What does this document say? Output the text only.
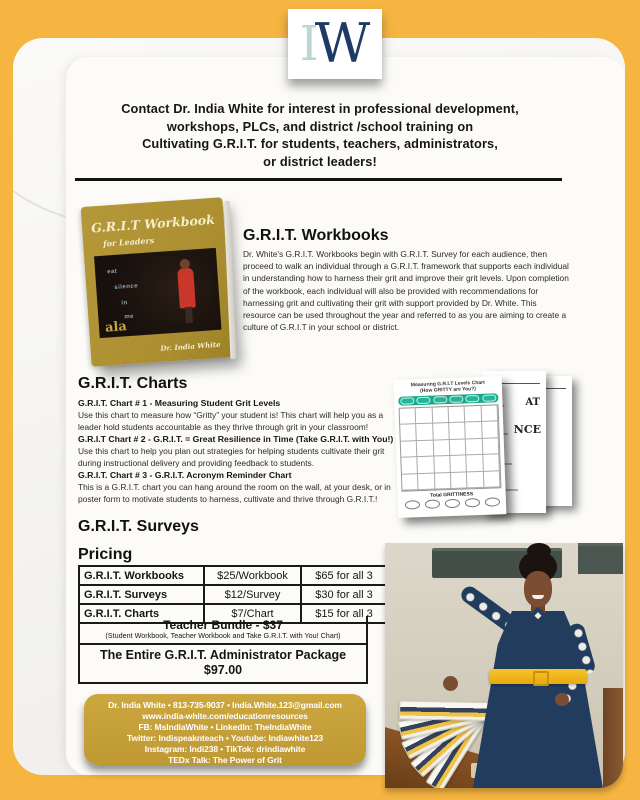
I
W
Contact Dr. India White for interest in professional development,
workshops, PLCs, and district /school training on
Cultivating G.R.I.T. for students, teachers, administrators,
or district leaders!
G.R.I.T Workbook
for Leaders
eat
silence
in
me
ala
Dr. India White
G.R.I.T. Workbooks
Dr. White's G.R.I.T. Workbooks begin with G.R.I.T. Survey for each audience, then proceed to walk an individual through a G.R.I.T. framework that supports each individual in understanding how to harness their grit and improve their grit levels. Upon completion of the workbook, each individual will also be provided with recommendations for harnessing grit and cultivating their grit with support provided by Dr. White. This resource can be used throughout the year and referred to as you are aiming to create a culture of G.R.I.T in your school or district.
G.R.I.T. Charts
G.R.I.T. Chart # 1 - Measuring Student Grit Levels

Use this chart to measure how “Gritty” your student is! This chart will help you as a leader hold students accountable as they thrive through grit in your classroom!

G.R.I.T Chart # 2 - G.R.I.T. = Great Resilience in Time (Take G.R.I.T. with You!)

Use this chart to help you plan out strategies for helping students cultivate their grit during instructional delivery and providing feedback to students.

G.R.I.T. Chart # 3 - G.R.I.T. Acronym Reminder Chart

This is a G.R.I.T. chart you can hang around the room on the wall, at your desk, or in poster form to motivate students to harness, cultivate and thrive through G.R.I.T.!

AT
NCE
Measuring G.R.I.T Levels Chart
(How GRITTY are You?)
Total GRITTINESS
G.R.I.T. Surveys
Pricing
G.R.I.T. Workbooks	$25/Workbook	$65 for all 3
G.R.I.T. Surveys	$12/Survey	$30 for all 3
G.R.I.T. Charts	$7/Chart	$15 for all 3
Teacher Bundle - $37
(Student Workbook, Teacher Workbook and Take G.R.I.T. with You! Chart)
The Entire G.R.I.T. Administrator Package
$97.00
Dr. India White • 813-735-9037 • India.White.123@gmail.com
www.india-white.com/educationresources
FB: MsIndiaWhite • LinkedIn: TheIndiaWhite
Twitter: Indispeaknteach • Youtube: Indiawhite123
Instagram: Indi238 • TikTok: drindiawhite
TEDx Talk: The Power of Grit
